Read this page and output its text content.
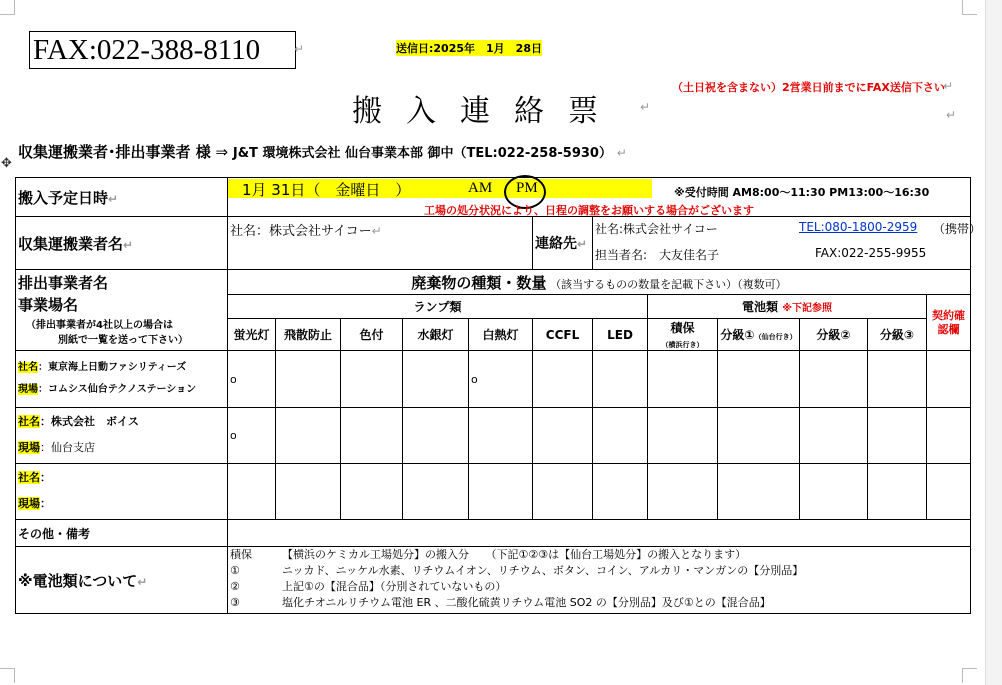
FAX:022-388-8110	↵	送信日:2025年　1月　28日
（土日祝を含まない）2営業日前までにFAX送信下さい
↵
搬入連絡票 ↵
↵
収集運搬業者･排出事業者 様 ⇒ J&T 環境株式会社 仙台事業本部 御中（TEL:022-258-5930） ↵
✥
搬入予定日時↵	1月 31日（　金曜日　） AM PM ※受付時間 AM8:00～11:30 PM13:00～16:30
工場の処分状況により、日程の調整をお願いする場合がございます											

収集運搬業者名↵	社名：株式会社サイコー↵					連絡先↵	社名:株式会社サイコー TEL:080-1800-2959 （携帯）
担当者名:　大友佳名子 FAX:022-255-9955					

排出事業者名
事業場名
（排出事業者が4社以上の場合は
別紙で一覧を送って下さい）	廃棄物の種類・数量 （該当するものの数量を記載下さい）（複数可）											
	ランプ類							電池類 ※下記参照				契約確認欄
	蛍光灯	飛散防止	色付	水銀灯	白熱灯	CCFL	LED	積保（横浜行き）	分級①（仙台行き）	分級②	分級③	

社名：東京海上日動ファシリティーズ
現場：コムシス仙台テクノステーション	o				o							

社名：株式会社　ボイス
現場：仙台支店	o											

社名：
現場：												

その他・備考												
※電池類について↵	積保 【横浜のケミカル工場処分】の搬入分　　（下記①②③は【仙台工場処分】の搬入となります）
① ニッカド、ニッケル水素、リチウムイオン、リチウム、ボタン、コイン、アルカリ・マンガンの【分別品】
② 上記①の【混合品】（分別されていないもの）
③ 塩化チオニルリチウム電池 ER 、二酸化硫黄リチウム電池 SO2 の【分別品】及び①との【混合品】											
